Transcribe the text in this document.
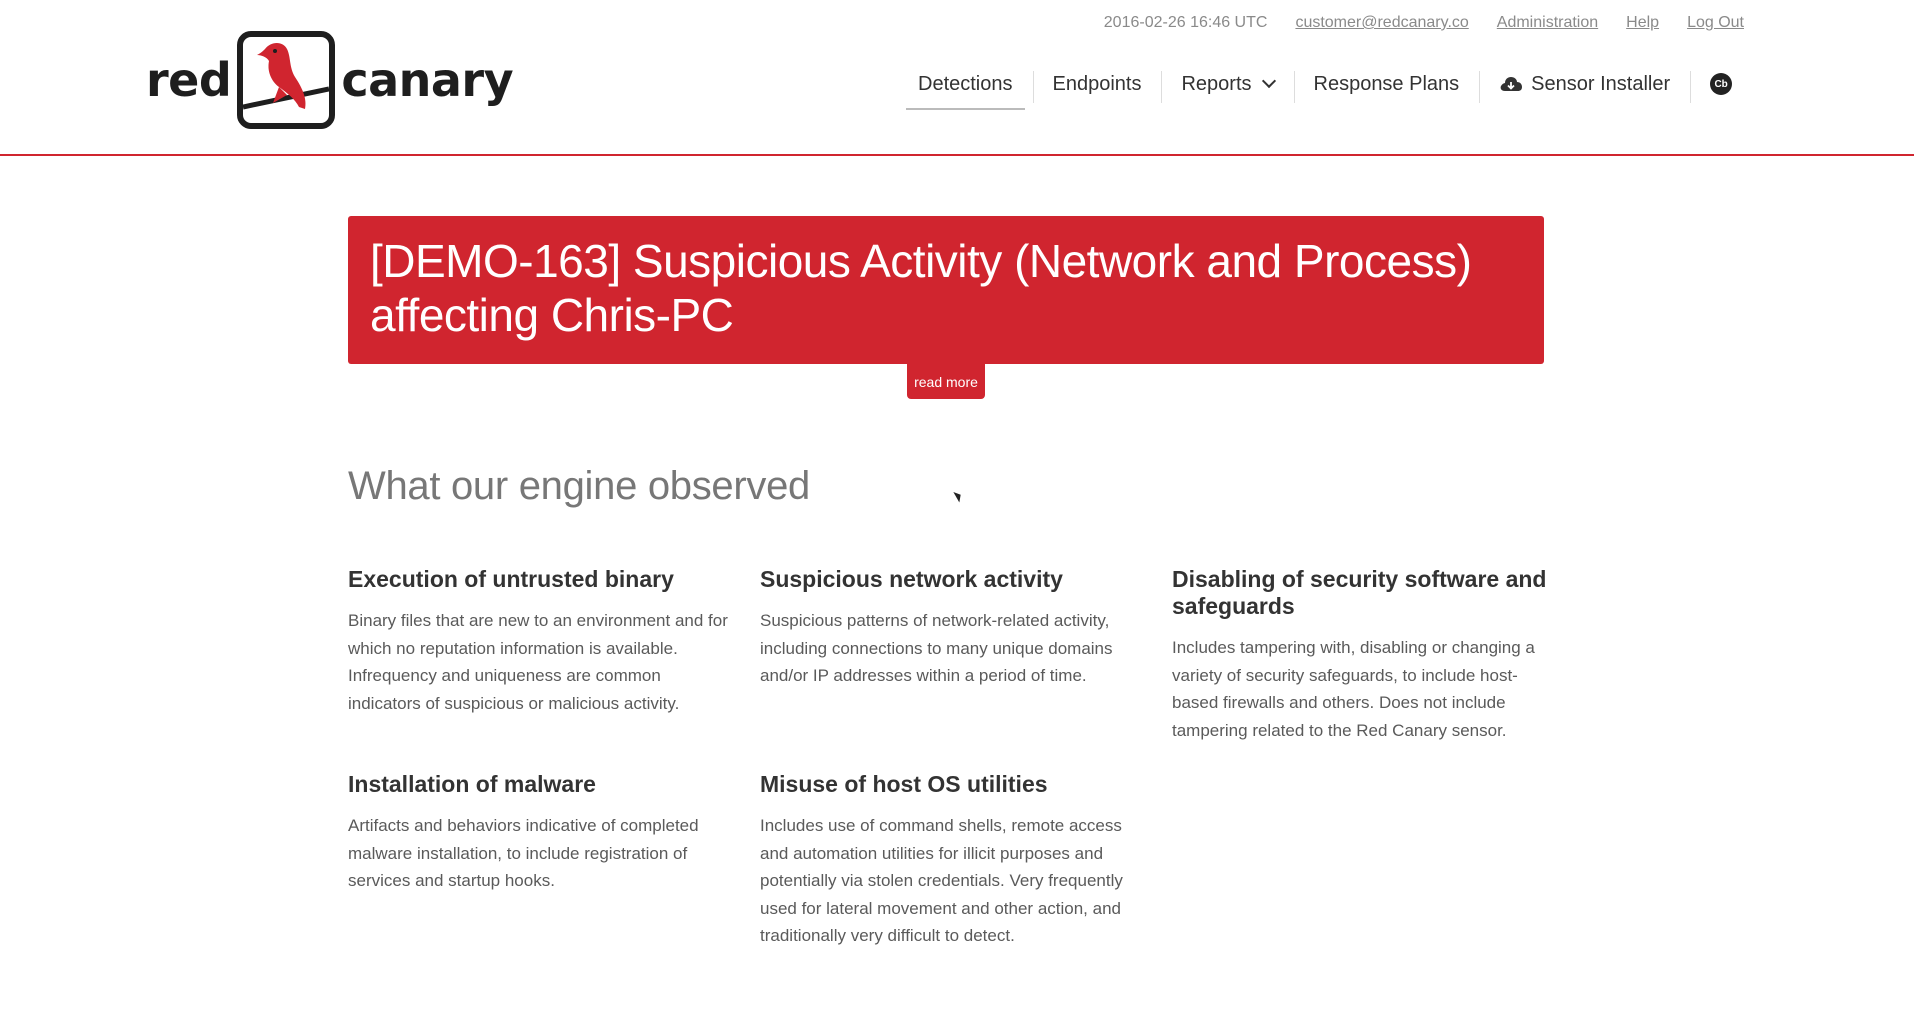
red canary
2016-02-26 16:46 UTC customer@redcanary.co Administration Help Log Out
Detections Endpoints Reports	Response Plans	Sensor Installer	Cb
[DEMO-163] Suspicious Activity (Network and Process) affecting Chris-PC
read more
What our engine observed
Execution of untrusted binary

Binary files that are new to an environment and for which no reputation information is available. Infrequency and uniqueness are common indicators of suspicious or malicious activity.

Suspicious network activity

Suspicious patterns of network-related activity, including connections to many unique domains and/or IP addresses within a period of time.

Disabling of security software and safeguards

Includes tampering with, disabling or changing a variety of security safeguards, to include host-based firewalls and others. Does not include tampering related to the Red Canary sensor.

Installation of malware

Artifacts and behaviors indicative of completed malware installation, to include registration of services and startup hooks.

Misuse of host OS utilities

Includes use of command shells, remote access and automation utilities for illicit purposes and potentially via stolen credentials. Very frequently used for lateral movement and other action, and traditionally very difficult to detect.
